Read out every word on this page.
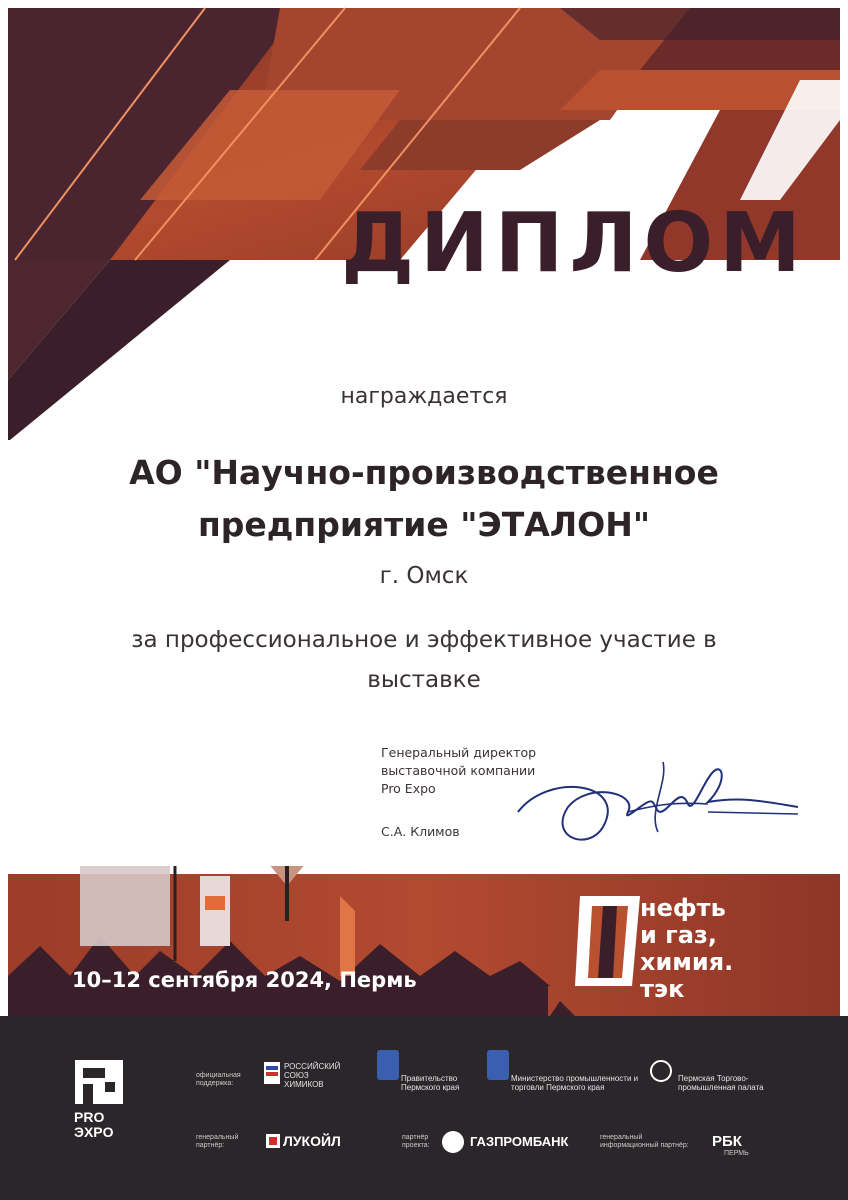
ДИПЛОМ
награждается
АО "Научно-производственное
предприятие "ЭТАЛОН"
г. Омск
за профессиональное и эффективное участие в
выставке
Генеральный директор
выставочной компании
Pro Expo
С.А. Климов
10–12 сентября 2024, Пермь
нефть
и газ,
химия.
тэк
PRO
ЭXPO
официальная поддержка:
РОССИЙСКИЙ СОЮЗ ХИМИКОВ
Правительство Пермского края
Министерство промышленности и торговли Пермского края
Пермская Торгово-промышленная палата
генеральный партнёр:	ЛУКОЙЛ	партнёр проекта:	ГАЗПРОМБАНК	генеральный информационный партнёр:	РБК
ПЕРМЬ
